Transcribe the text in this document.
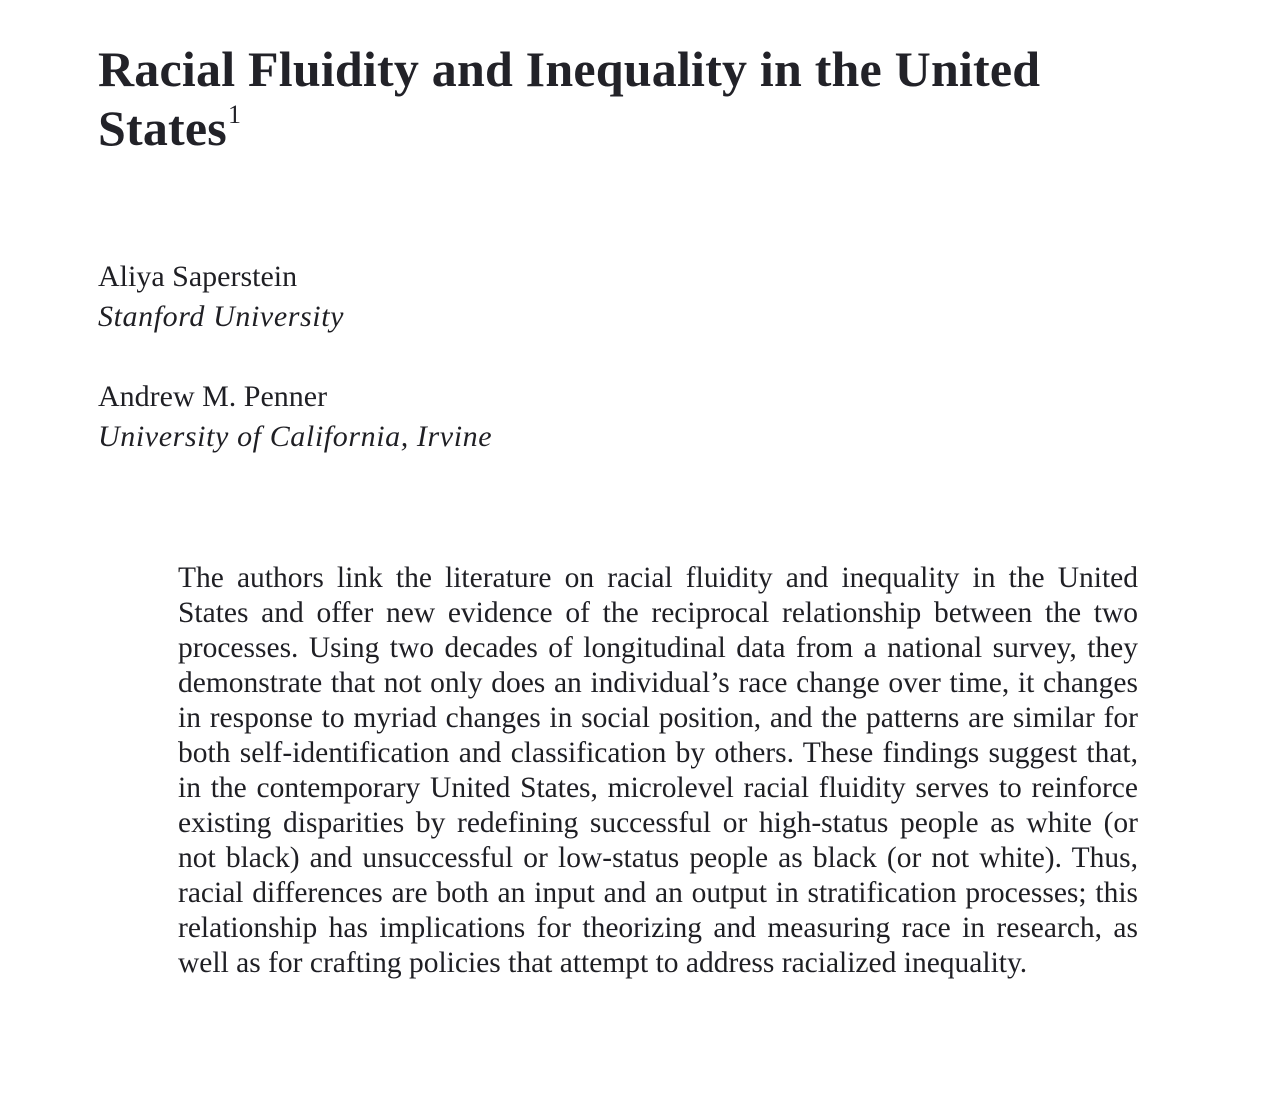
Racial Fluidity and Inequality in the United States$^1$

Aliya Saperstein

Stanford University

Andrew M. Penner

University of California, Irvine

The authors link the literature on racial fluidity and inequality in the United States and offer new evidence of the reciprocal relationship between the two processes. Using two decades of longitudinal data from a national survey, they demonstrate that not only does an individual’s race change over time, it changes in response to myriad changes in social position, and the patterns are similar for both self-identification and classification by others. These findings suggest that, in the contemporary United States, microlevel racial fluidity serves to reinforce existing disparities by redefining successful or high-status people as white (or not black) and unsuccessful or low-status people as black (or not white). Thus, racial differences are both an input and an output in stratification processes; this relationship has implications for theorizing and measuring race in research, as well as for crafting policies that attempt to address racialized inequality.
